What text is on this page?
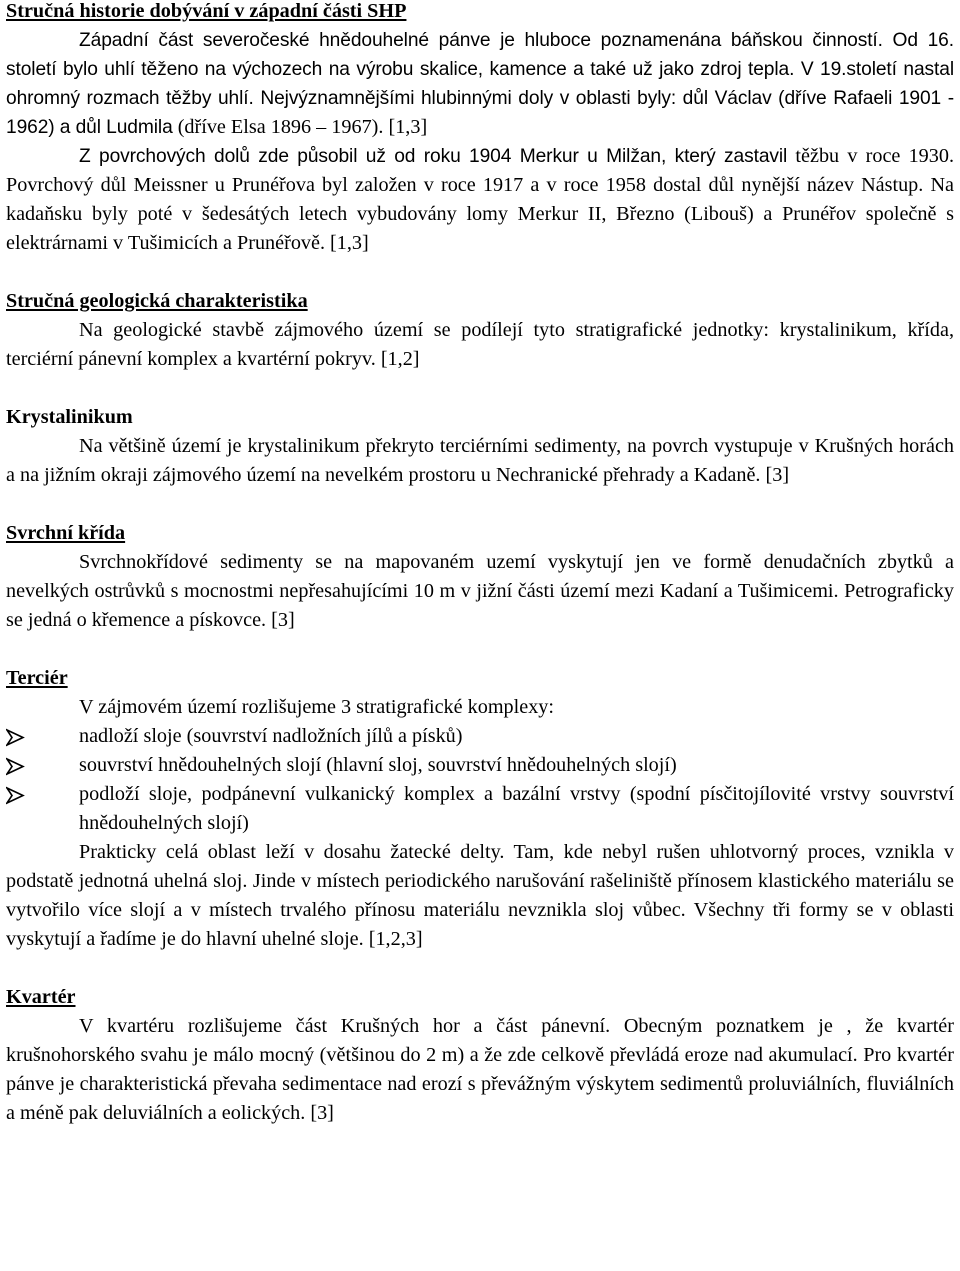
Stručná historie dobývání v západní části SHP

Západní část severočeské hnědouhelné pánve je hluboce poznamenána báňskou činností. Od 16. století bylo uhlí těženo na výchozech na výrobu skalice, kamence a také už jako zdroj tepla. V 19.století nastal ohromný rozmach těžby uhlí. Nejvýznamnějšími hlubinnými doly v oblasti byly: důl Václav (dříve Rafaeli 1901 - 1962) a důl Ludmila (dříve Elsa 1896 – 1967). [1,3]

Z povrchových dolů zde působil už od roku 1904 Merkur u Milžan, který zastavil těžbu v roce 1930. Povrchový důl Meissner u Prunéřova byl založen v roce 1917 a v roce 1958 dostal důl nynější název Nástup. Na kadaňsku byly poté v šedesátých letech vybudovány lomy Merkur II, Březno (Libouš) a Prunéřov společně s elektrárnami v Tušimicích a Prunéřově. [1,3]

Stručná geologická charakteristika

Na geologické stavbě zájmového území se podílejí tyto stratigrafické jednotky: krystalinikum, křída, terciérní pánevní komplex a kvartérní pokryv. [1,2]

Krystalinikum

Na většině území je krystalinikum překryto terciérními sedimenty, na povrch vystupuje v Krušných horách a na jižním okraji zájmového území na nevelkém prostoru u Nechranické přehrady a Kadaně. [3]

Svrchní křída

Svrchnokřídové sedimenty se na mapovaném uzemí vyskytují jen ve formě denudačních zbytků a nevelkých ostrůvků s mocnostmi nepřesahujícími 10 m v jižní části území mezi Kadaní a Tušimicemi. Petrograficky se jedná o křemence a pískovce. [3]

Terciér

V zájmovém území rozlišujeme 3 stratigrafické komplexy:

nadloží sloje (souvrství nadložních jílů a písků)
souvrství hnědouhelných slojí (hlavní sloj, souvrství hnědouhelných slojí)
podloží sloje, podpánevní vulkanický komplex a bazální vrstvy (spodní písčitojílovité vrstvy souvrství hnědouhelných slojí)

Prakticky celá oblast leží v dosahu žatecké delty. Tam, kde nebyl rušen uhlotvorný proces, vznikla v podstatě jednotná uhelná sloj. Jinde v místech periodického narušování rašeliniště přínosem klastického materiálu se vytvořilo více slojí a v místech trvalého přínosu materiálu nevznikla sloj vůbec. Všechny tři formy se v oblasti vyskytují a řadíme je do hlavní uhelné sloje. [1,2,3]

Kvartér

V kvartéru rozlišujeme část Krušných hor a část pánevní. Obecným poznatkem je , že kvartér krušnohorského svahu je málo mocný (většinou do 2 m) a že zde celkově převládá eroze nad akumulací. Pro kvartér pánve je charakteristická převaha sedimentace nad erozí s převážným výskytem sedimentů proluviálních, fluviálních a méně pak deluviálních a eolických. [3]
